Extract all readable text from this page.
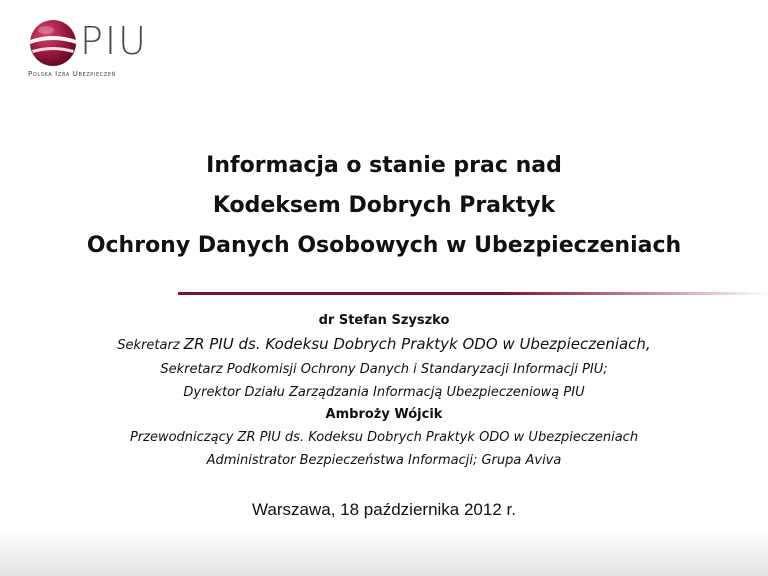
PIU
Polska Izba Ubezpieczeń
Informacja o stanie prac nad
Kodeksem Dobrych Praktyk
Ochrony Danych Osobowych w Ubezpieczeniach
dr Stefan Szyszko
Sekretarz ZR PIU ds. Kodeksu Dobrych Praktyk ODO w Ubezpieczeniach,
Sekretarz Podkomisji Ochrony Danych i Standaryzacji Informacji PIU;
Dyrektor Działu Zarządzania Informacją Ubezpieczeniową PIU
Ambroży Wójcik
Przewodniczący ZR PIU ds. Kodeksu Dobrych Praktyk ODO w Ubezpieczeniach
Administrator Bezpieczeństwa Informacji; Grupa Aviva
Warszawa, 18 października 2012 r.
